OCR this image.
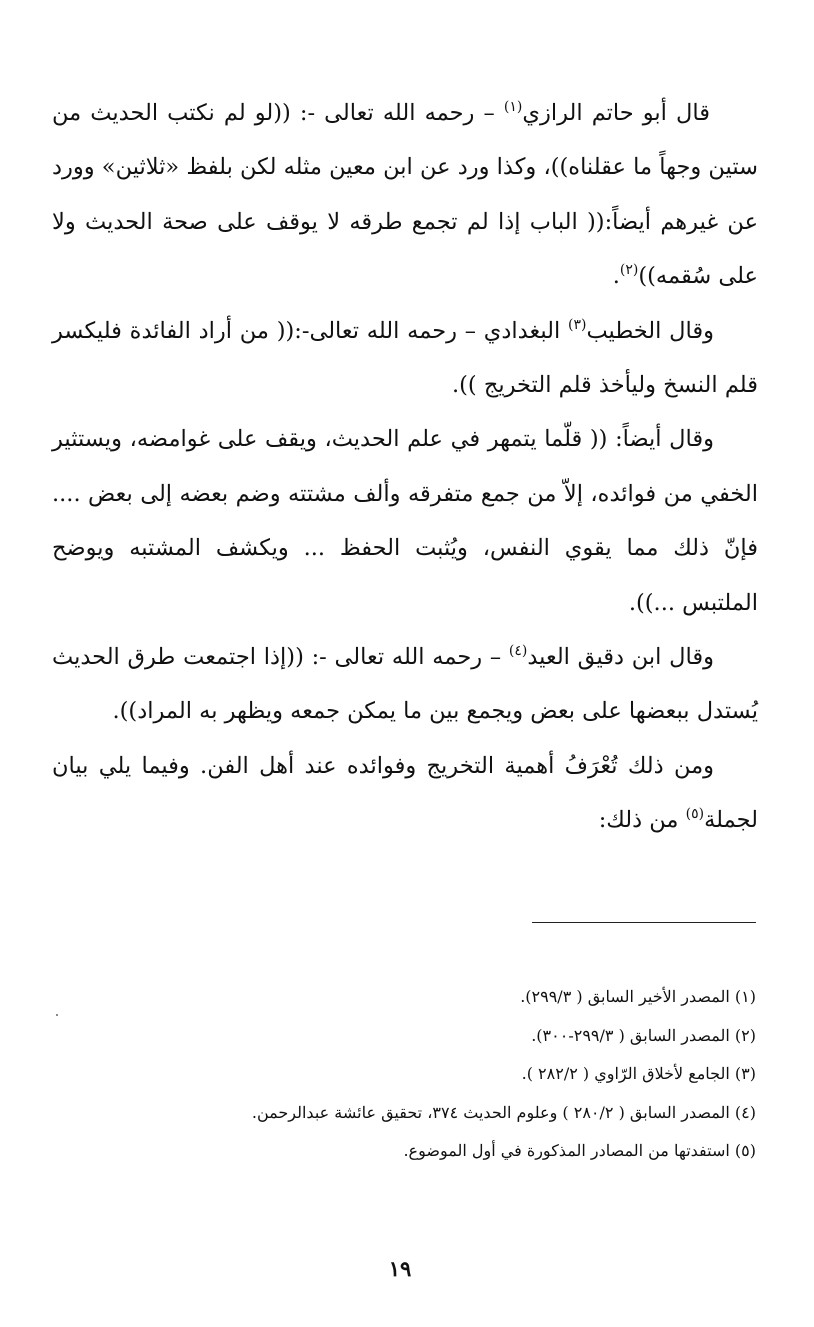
قال أبو حاتم الرازي$^{(١)}$ – رحمه الله تعالى -: ((لو لم نكتب الحديث من ستين وجهاً ما عقلناه))، وكذا ورد عن ابن معين مثله لكن بلفظ «ثلاثين» وورد عن غيرهم أيضاً:(( الباب إذا لم تجمع طرقه لا يوقف على صحة الحديث ولا على سُقمه))$^{(٢)}$.

وقال الخطيب$^{(٣)}$ البغدادي – رحمه الله تعالى-:(( من أراد الفائدة فليكسر قلم النسخ وليأخذ قلم التخريج )).

وقال أيضاً: (( قلّما يتمهر في علم الحديث، ويقف على غوامضه، ويستثير الخفي من فوائده، إلاّ من جمع متفرقه وألف مشتته وضم بعضه إلى بعض .... فإنّ ذلك مما يقوي النفس، ويُثبت الحفظ ... ويكشف المشتبه ويوضح الملتبس ...)).

وقال ابن دقيق العيد$^{(٤)}$ – رحمه الله تعالى -: ((إذا اجتمعت طرق الحديث يُستدل ببعضها على بعض ويجمع بين ما يمكن جمعه ويظهر به المراد)).

ومن ذلك تُعْرَفُ أهمية التخريج وفوائده عند أهل الفن. وفيما يلي بيان لجملة$^{(٥)}$ من ذلك:

(١) المصدر الأخير السابق ( ٢٩٩/٣).
(٢) المصدر السابق ( ٢٩٩/٣-٣٠٠).
(٣) الجامع لأخلاق الرّاوي ( ٢٨٢/٢ ).
(٤) المصدر السابق ( ٢٨٠/٢ ) وعلوم الحديث ٣٧٤، تحقيق عائشة عبدالرحمن.
(٥) استفدتها من المصادر المذكورة في أول الموضوع.
١٩
